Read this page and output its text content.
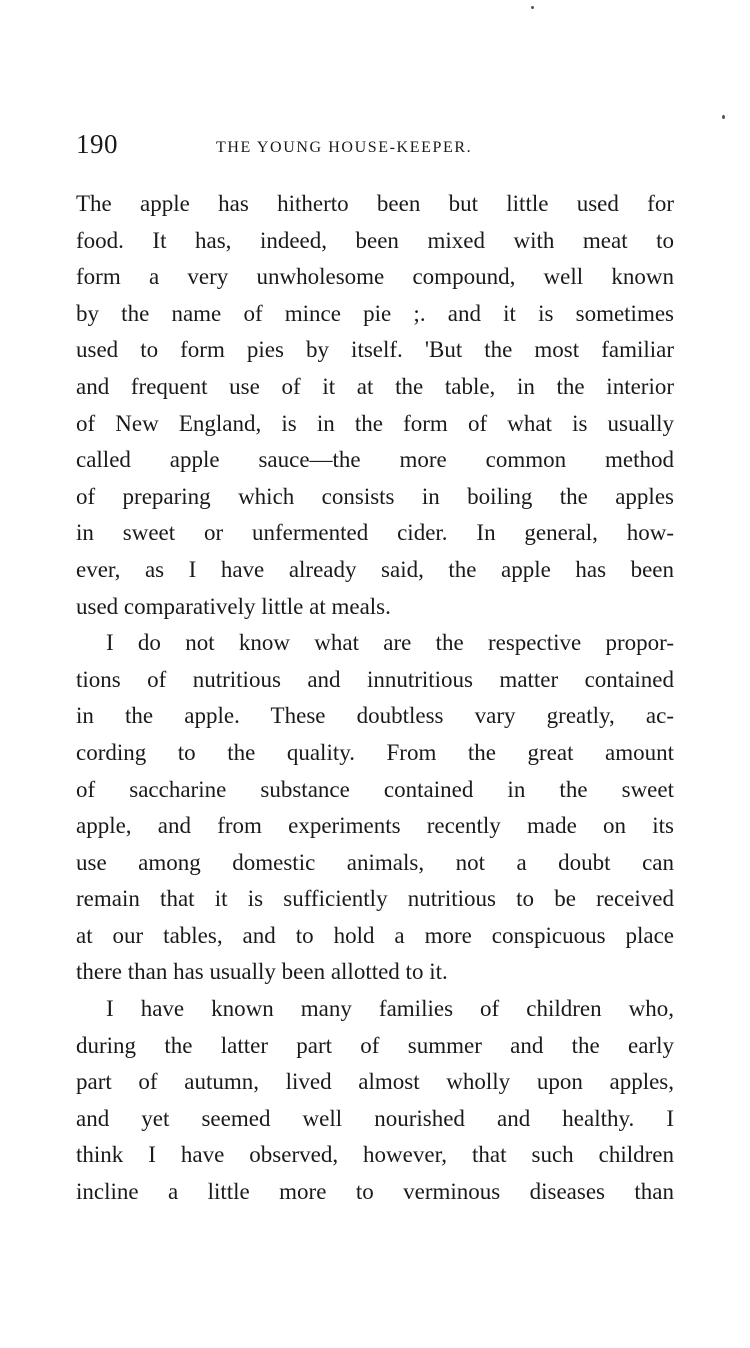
190	THE YOUNG HOUSE-KEEPER.

The apple has hitherto been but little used for
food. It has, indeed, been mixed with meat to
form a very unwholesome compound, well known
by the name of mince pie ;. and it is sometimes
used to form pies by itself. 'But the most familiar
and frequent use of it at the table, in the interior
of New England, is in the form of what is usually
called apple sauce—the more common method
of preparing which consists in boiling the apples
in sweet or unfermented cider. In general, how-
ever, as I have already said, the apple has been
used comparatively little at meals.

I do not know what are the respective propor-
tions of nutritious and innutritious matter contained
in the apple. These doubtless vary greatly, ac-
cording to the quality. From the great amount
of saccharine substance contained in the sweet
apple, and from experiments recently made on its
use among domestic animals, not a doubt can
remain that it is sufficiently nutritious to be received
at our tables, and to hold a more conspicuous place
there than has usually been allotted to it.

I have known many families of children who,
during the latter part of summer and the early
part of autumn, lived almost wholly upon apples,
and yet seemed well nourished and healthy. I
think I have observed, however, that such children
incline a little more to verminous diseases than
